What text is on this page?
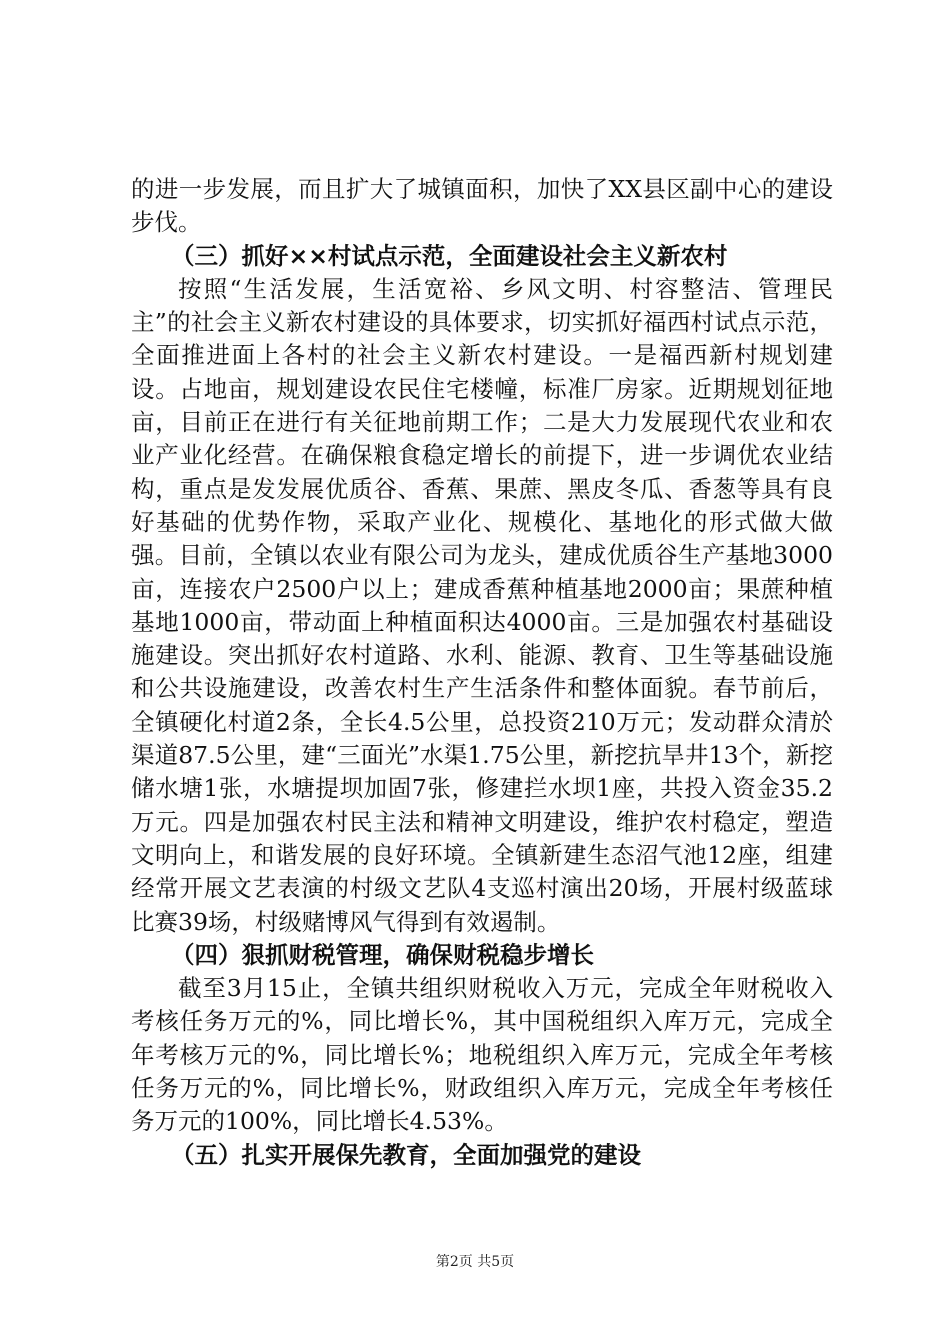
的进一步发展，而且扩大了城镇面积，加快了XX县区副中心的建设步伐。

（三）抓好××村试点示范，全面建设社会主义新农村

按照“生活发展，生活宽裕、乡风文明、村容整洁、管理民主”的社会主义新农村建设的具体要求，切实抓好福西村试点示范，全面推进面上各村的社会主义新农村建设。一是福西新村规划建设。占地亩，规划建设农民住宅楼幢，标准厂房家。近期规划征地亩，目前正在进行有关征地前期工作；二是大力发展现代农业和农业产业化经营。在确保粮食稳定增长的前提下，进一步调优农业结构，重点是发发展优质谷、香蕉、果蔗、黑皮冬瓜、香葱等具有良好基础的优势作物，采取产业化、规模化、基地化的形式做大做强。目前，全镇以农业有限公司为龙头，建成优质谷生产基地3000亩，连接农户2500户以上；建成香蕉种植基地2000亩；果蔗种植基地1000亩，带动面上种植面积达4000亩。三是加强农村基础设施建设。突出抓好农村道路、水利、能源、教育、卫生等基础设施和公共设施建设，改善农村生产生活条件和整体面貌。春节前后，全镇硬化村道2条，全长4.5公里，总投资210万元；发动群众清於渠道87.5公里，建“三面光”水渠1.75公里，新挖抗旱井13个，新挖储水塘1张，水塘提坝加固7张，修建拦水坝1座，共投入资金35.2万元。四是加强农村民主法和精神文明建设，维护农村稳定，塑造文明向上，和谐发展的良好环境。全镇新建生态沼气池12座，组建经常开展文艺表演的村级文艺队4支巡村演出20场，开展村级蓝球比赛39场，村级赌博风气得到有效遏制。

（四）狠抓财税管理，确保财税稳步增长

截至3月15止，全镇共组织财税收入万元，完成全年财税收入考核任务万元的%，同比增长%，其中国税组织入库万元，完成全年考核万元的%，同比增长%；地税组织入库万元，完成全年考核任务万元的%，同比增长%，财政组织入库万元，完成全年考核任务万元的100%，同比增长4.53%。

（五）扎实开展保先教育，全面加强党的建设

第2页 共5页
